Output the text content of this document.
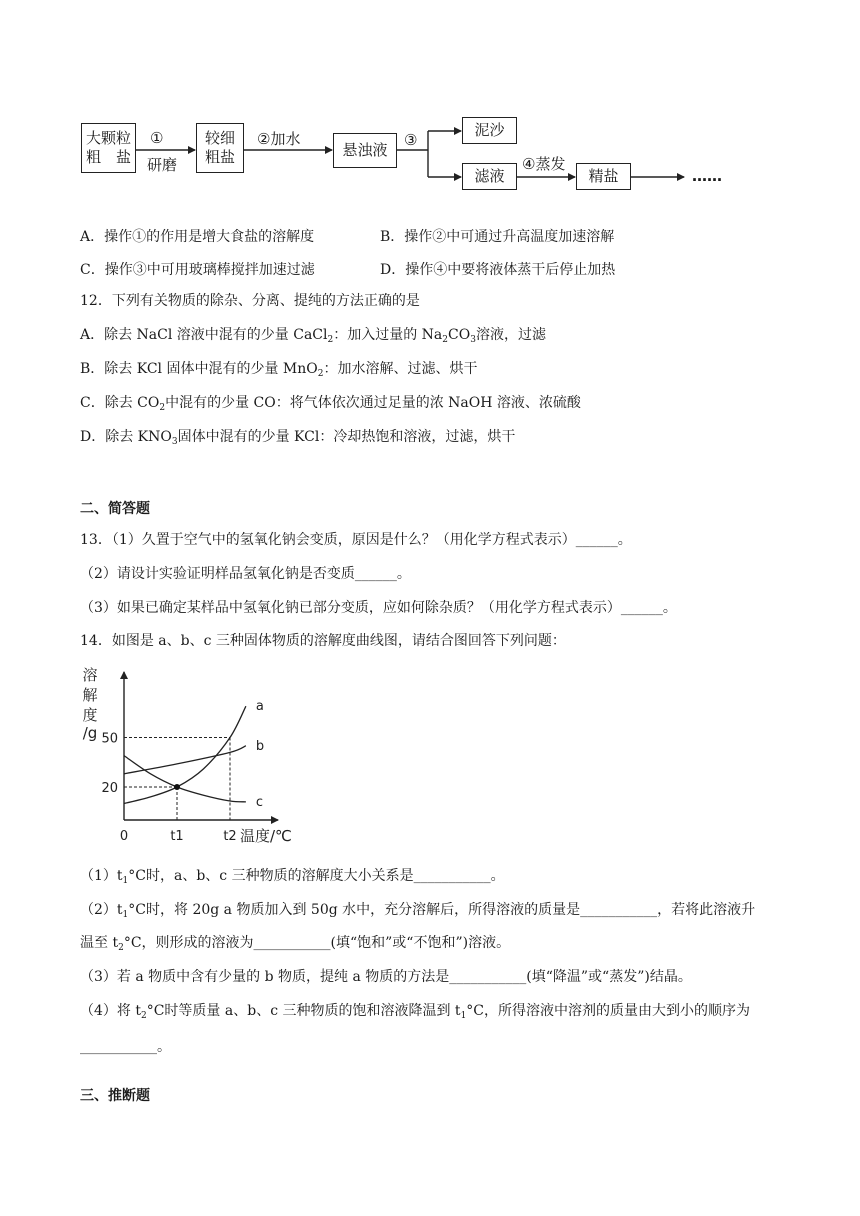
大颗粒
粗　盐
较细
粗盐	悬浊液
泥沙
滤液	精盐
①
研磨
②加水	③
④蒸发
……
A．操作①的作用是增大食盐的溶解度	B．操作②中可通过升高温度加速溶解
C．操作③中可用玻璃棒搅拌加速过滤	D．操作④中要将液体蒸干后停止加热
12．下列有关物质的除杂、分离、提纯的方法正确的是
A．除去 NaCl 溶液中混有的少量 CaCl$_2$：加入过量的 $Na_2CO_3$溶液，过滤
B．除去 KCl 固体中混有的少量 MnO$_2$：加水溶解、过滤、烘干
C．除去 $CO_2$中混有的少量 CO：将气体依次通过足量的浓 NaOH 溶液、浓硫酸
D．除去 $KNO_3$固体中混有的少量 KCl：冷却热饱和溶液，过滤，烘干
二、简答题
13．（1）久置于空气中的氢氧化钠会变质，原因是什么？（用化学方程式表示）______。
（2）请设计实验证明样品氢氧化钠是否变质______。
（3）如果已确定某样品中氢氧化钠已部分变质，应如何除杂质？（用化学方程式表示）______。
14．如图是 a、b、c 三种固体物质的溶解度曲线图，请结合图回答下列问题：
溶
解
度
/g
a
b
c
50
20
0	t1	t2 温度/℃
$(1)t_1^\circ C$时，a、b、c 三种物质的溶解度大小关系是___________。
$(2)t_1^\circ C$时，将 20g a 物质加入到 50g 水中，充分溶解后，所得溶液的质量是___________，若将此溶液升
温至 $t_2^\circ C$，则形成的溶液为___________(填“饱和”或“不饱和”)溶液。
（3）若 a 物质中含有少量的 b 物质，提纯 a 物质的方法是___________(填“降温”或“蒸发”)结晶。
（4）将 $t_2^\circ C$时等质量 a、b、c 三种物质的饱和溶液降温到 $t_1^\circ C$，所得溶液中溶剂的质量由大到小的顺序为
___________。
三、推断题
